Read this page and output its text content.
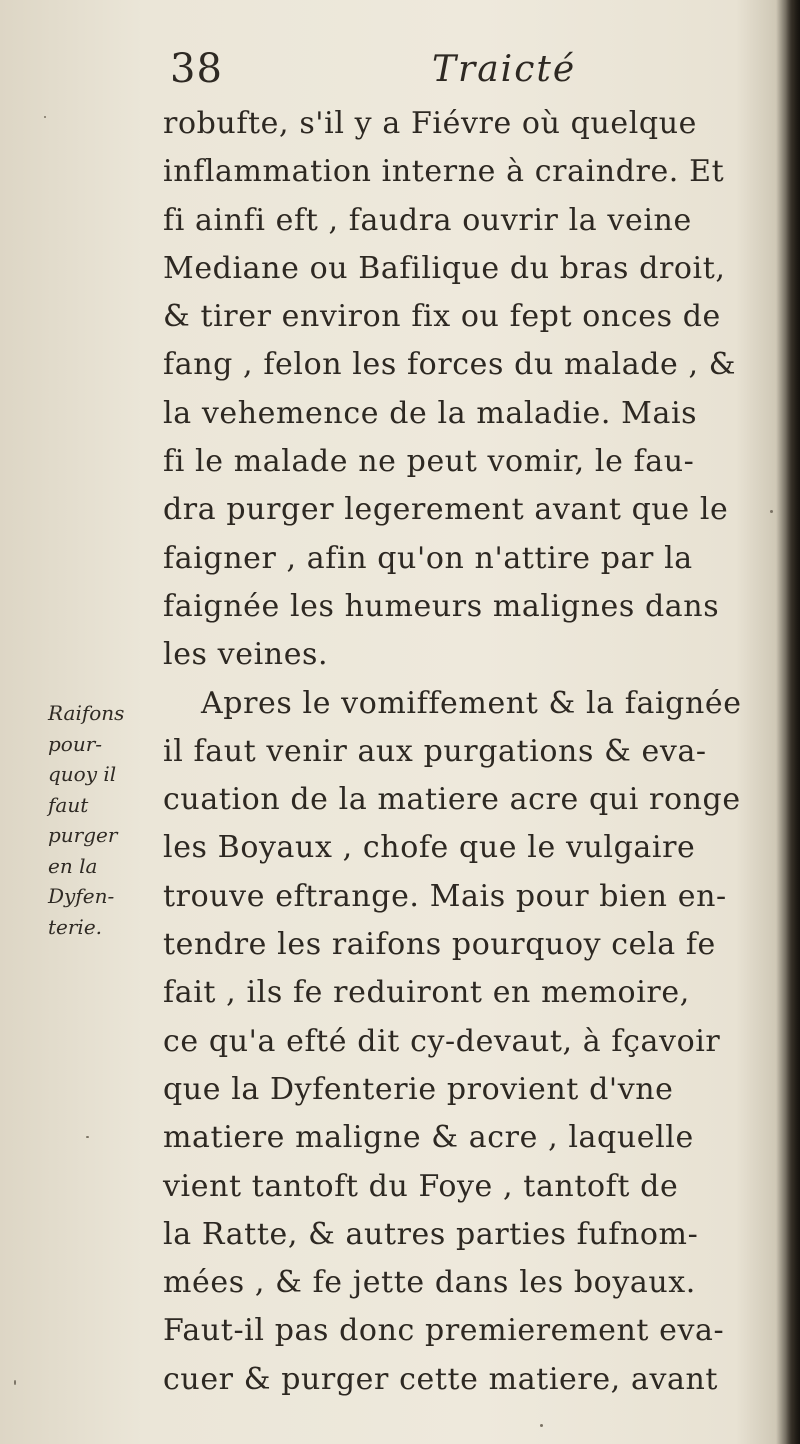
38	Traicté
robufte, s'il y a Fiévre où quelque
inflammation interne à craindre. Et
fi ainfi eft , faudra ouvrir la veine
Mediane ou Bafilique du bras droit,
& tirer environ fix ou fept onces de
fang , felon les forces du malade , &
la vehemence de la maladie. Mais
fi le malade ne peut vomir, le fau-
dra purger legerement avant que le
faigner , afin qu'on n'attire par la
faignée les humeurs malignes dans
les veines.
Apres le vomiffement & la faignée
il faut venir aux purgations & eva-
cuation de la matiere acre qui ronge
les Boyaux , chofe que le vulgaire
trouve eftrange. Mais pour bien en-
tendre les raifons pourquoy cela fe
fait , ils fe reduiront en memoire,
ce qu'a efté dit cy-devaut, à fçavoir
que la Dyfenterie provient d'vne
matiere maligne & acre , laquelle
vient tantoft du Foye , tantoft de
la Ratte, & autres parties fufnom-
mées , & fe jette dans les boyaux.
Faut-il pas donc premierement eva-
cuer & purger cette matiere, avant
Raifons
pour-
quoy il
faut
purger
en la
Dyfen-
terie.
